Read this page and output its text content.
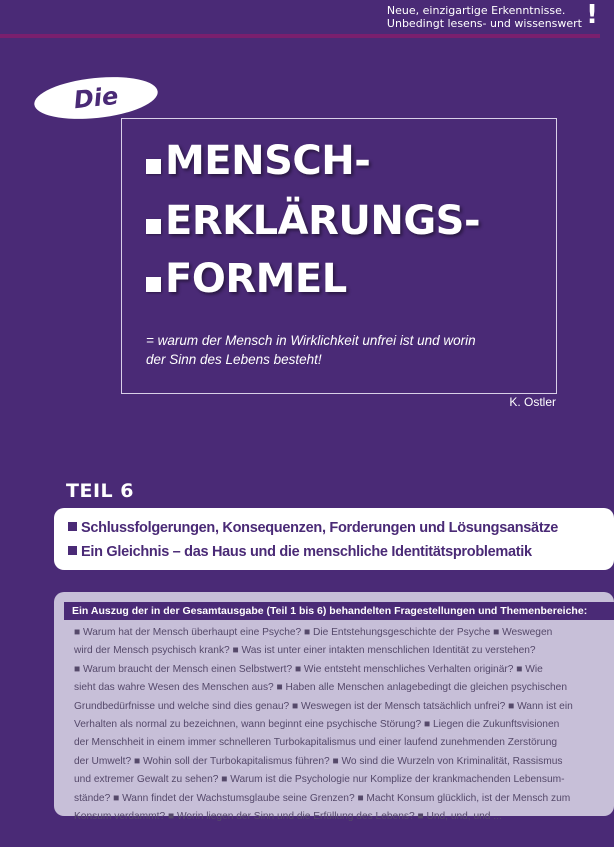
Neue, einzigartige Erkenntnisse.
Unbedingt lesens- und wissenswert !
Die
MENSCH-
ERKLÄRUNGS-
FORMEL
= warum der Mensch in Wirklichkeit unfrei ist und worin
der Sinn des Lebens besteht!
K. Ostler
TEIL 6
Schlussfolgerungen, Konsequenzen, Forderungen und Lösungsansätze
Ein Gleichnis – das Haus und die menschliche Identitätsproblematik
Ein Auszug der in der Gesamtausgabe (Teil 1 bis 6) behandelten Fragestellungen und Themenbereiche:
■ Warum hat der Mensch überhaupt eine Psyche? ■ Die Entstehungsgeschichte der Psyche ■ Weswegen
wird der Mensch psychisch krank? ■ Was ist unter einer intakten menschlichen Identität zu verstehen?
■ Warum braucht der Mensch einen Selbstwert? ■ Wie entsteht menschliches Verhalten originär? ■ Wie
sieht das wahre Wesen des Menschen aus? ■ Haben alle Menschen anlagebedingt die gleichen psychischen
Grundbedürfnisse und welche sind dies genau? ■ Weswegen ist der Mensch tatsächlich unfrei? ■ Wann ist ein
Verhalten als normal zu bezeichnen, wann beginnt eine psychische Störung? ■ Liegen die Zukunftsvisionen
der Menschheit in einem immer schnelleren Turbokapitalismus und einer laufend zunehmenden Zerstörung
der Umwelt? ■ Wohin soll der Turbokapitalismus führen? ■ Wo sind die Wurzeln von Kriminalität, Rassismus
und extremer Gewalt zu sehen? ■ Warum ist die Psychologie nur Komplize der krankmachenden Lebensum-
stände? ■ Wann findet der Wachstumsglaube seine Grenzen? ■ Macht Konsum glücklich, ist der Mensch zum
Konsum verdammt? ■ Worin liegen der Sinn und die Erfüllung des Lebens? ■ Und, und, und ...
